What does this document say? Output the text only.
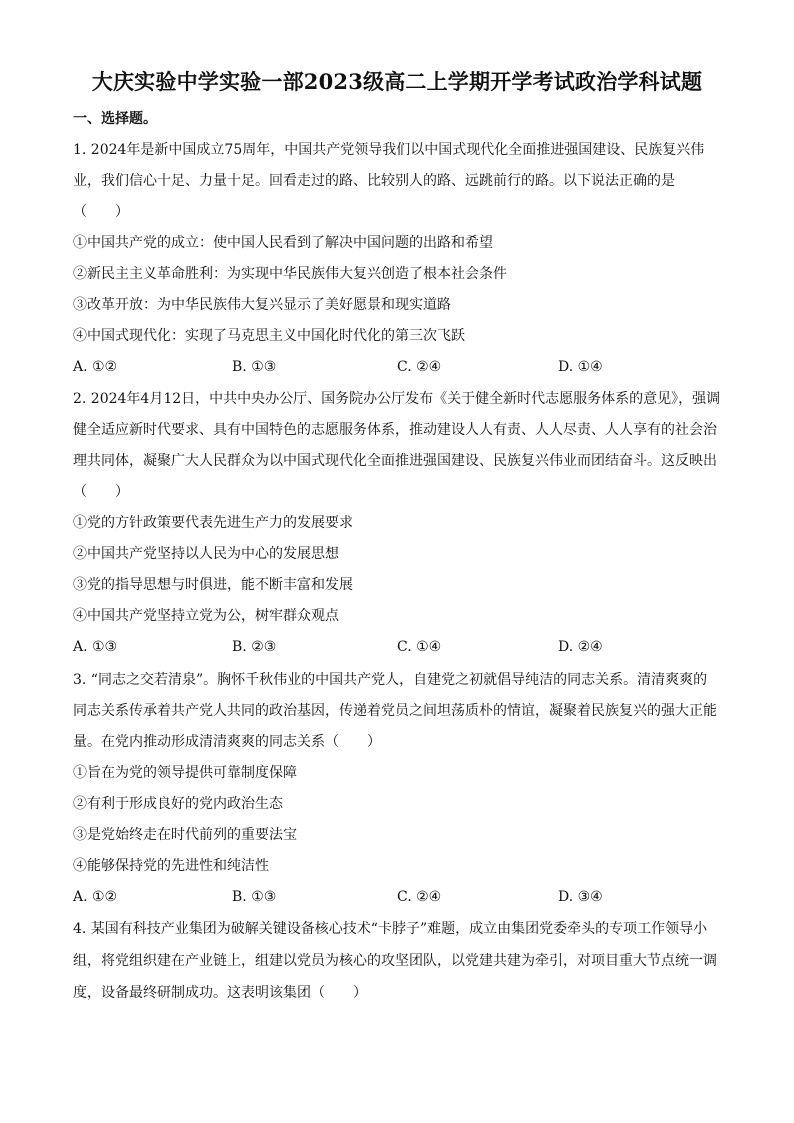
大庆实验中学实验一部2023级高二上学期开学考试政治学科试题
一、选择题。
1. 2024年是新中国成立75周年，中国共产党领导我们以中国式现代化全面推进强国建设、民族复兴伟
业，我们信心十足、力量十足。回看走过的路、比较别人的路、远跳前行的路。以下说法正确的是
（　　）
①中国共产党的成立：使中国人民看到了解决中国问题的出路和希望
②新民主主义革命胜利：为实现中华民族伟大复兴创造了根本社会条件
③改革开放：为中华民族伟大复兴显示了美好愿景和现实道路
④中国式现代化：实现了马克思主义中国化时代化的第三次飞跃
A. ①②	B. ①③	C. ②④	D. ①④
2. 2024年4月12日，中共中央办公厅、国务院办公厅发布《关于健全新时代志愿服务体系的意见》，强调
健全适应新时代要求、具有中国特色的志愿服务体系，推动建设人人有责、人人尽责、人人享有的社会治
理共同体，凝聚广大人民群众为以中国式现代化全面推进强国建设、民族复兴伟业而团结奋斗。这反映出
（　　）
①党的方针政策要代表先进生产力的发展要求
②中国共产党坚持以人民为中心的发展思想
③党的指导思想与时俱进，能不断丰富和发展
④中国共产党坚持立党为公，树牢群众观点
A. ①③	B. ②③	C. ①④	D. ②④
3. “同志之交若清泉”。胸怀千秋伟业的中国共产党人，自建党之初就倡导纯洁的同志关系。清清爽爽的
同志关系传承着共产党人共同的政治基因，传递着党员之间坦荡质朴的情谊，凝聚着民族复兴的强大正能
量。在党内推动形成清清爽爽的同志关系（　　）
①旨在为党的领导提供可靠制度保障
②有利于形成良好的党内政治生态
③是党始终走在时代前列的重要法宝
④能够保持党的先进性和纯洁性
A. ①②	B. ①③	C. ②④	D. ③④
4. 某国有科技产业集团为破解关键设备核心技术“卡脖子”难题，成立由集团党委牵头的专项工作领导小
组，将党组织建在产业链上，组建以党员为核心的攻坚团队，以党建共建为牵引，对项目重大节点统一调
度，设备最终研制成功。这表明该集团（　　）
